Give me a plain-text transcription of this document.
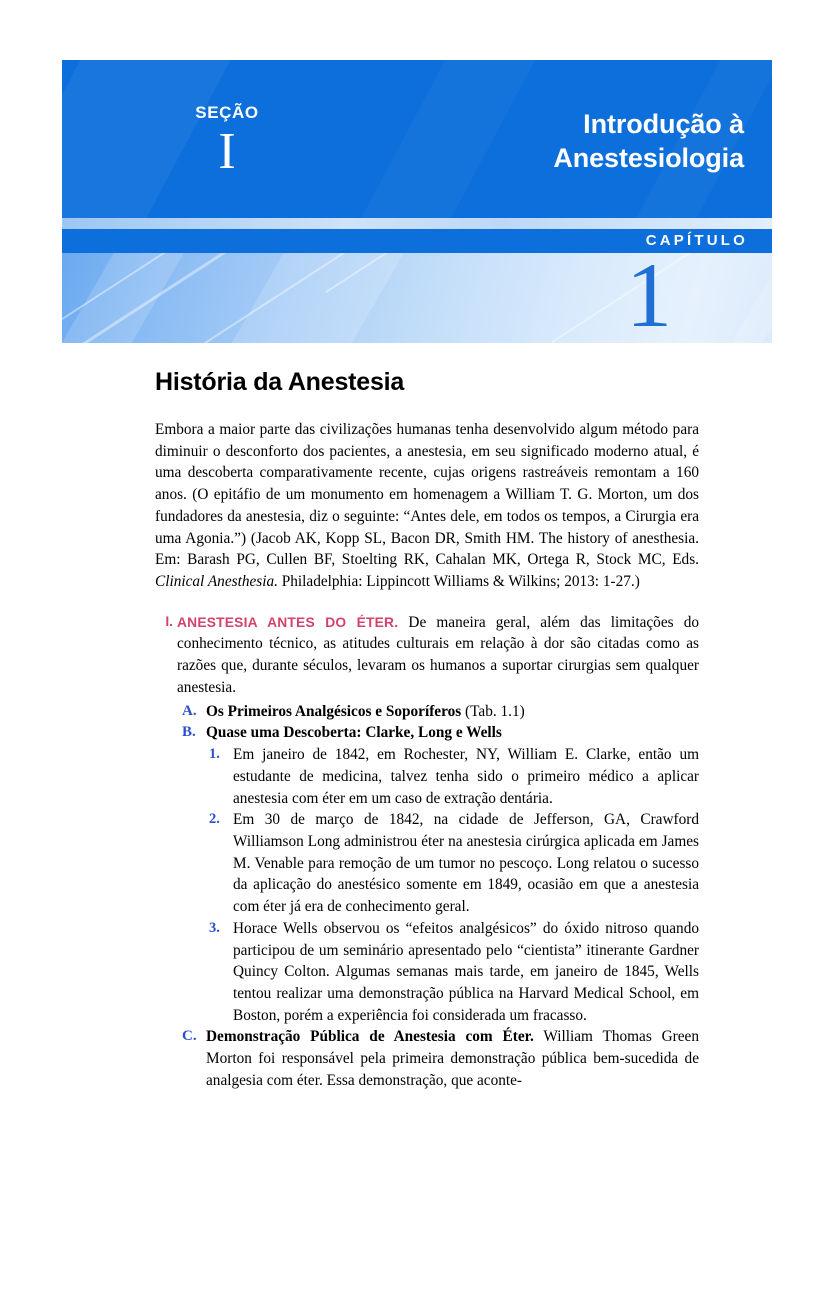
SEÇÃO
I	Introdução à
Anestesiologia
CAPÍTULO
1
História da Anestesia

Embora a maior parte das civilizações humanas tenha desenvolvido algum método para diminuir o desconforto dos pacientes, a anestesia, em seu significado moderno atual, é uma descoberta comparativamente recente, cujas origens rastreáveis remontam a 160 anos. (O epitáfio de um monumento em homenagem a William T. G. Morton, um dos fundadores da anestesia, diz o seguinte: “Antes dele, em todos os tempos, a Cirurgia era uma Agonia.”) (Jacob AK, Kopp SL, Bacon DR, Smith HM. The history of anesthesia. Em: Barash PG, Cullen BF, Stoelting RK, Cahalan MK, Ortega R, Stock MC, Eds. Clinical Anesthesia. Philadelphia: Lippincott Williams & Wilkins; 2013: 1-27.)

I. ANESTESIA ANTES DO ÉTER. De maneira geral, além das limitações do conhecimento técnico, as atitudes culturais em relação à dor são citadas como as razões que, durante séculos, levaram os humanos a suportar cirurgias sem qualquer anestesia.
A. Os Primeiros Analgésicos e Soporíferos (Tab. 1.1)
B. Quase uma Descoberta: Clarke, Long e Wells
1. Em janeiro de 1842, em Rochester, NY, William E. Clarke, então um estudante de medicina, talvez tenha sido o primeiro médico a aplicar anestesia com éter em um caso de extração dentária.
2. Em 30 de março de 1842, na cidade de Jefferson, GA, Crawford Williamson Long administrou éter na anestesia cirúrgica aplicada em James M. Venable para remoção de um tumor no pescoço. Long relatou o sucesso da aplicação do anestésico somente em 1849, ocasião em que a anestesia com éter já era de conhecimento geral.
3. Horace Wells observou os “efeitos analgésicos” do óxido nitroso quando participou de um seminário apresentado pelo “cientista” itinerante Gardner Quincy Colton. Algumas semanas mais tarde, em janeiro de 1845, Wells tentou realizar uma demonstração pública na Harvard Medical School, em Boston, porém a experiência foi considerada um fracasso.
C. Demonstração Pública de Anestesia com Éter. William Thomas Green Morton foi responsável pela primeira demonstração pública bem-sucedida de analgesia com éter. Essa demonstração, que aconte-
